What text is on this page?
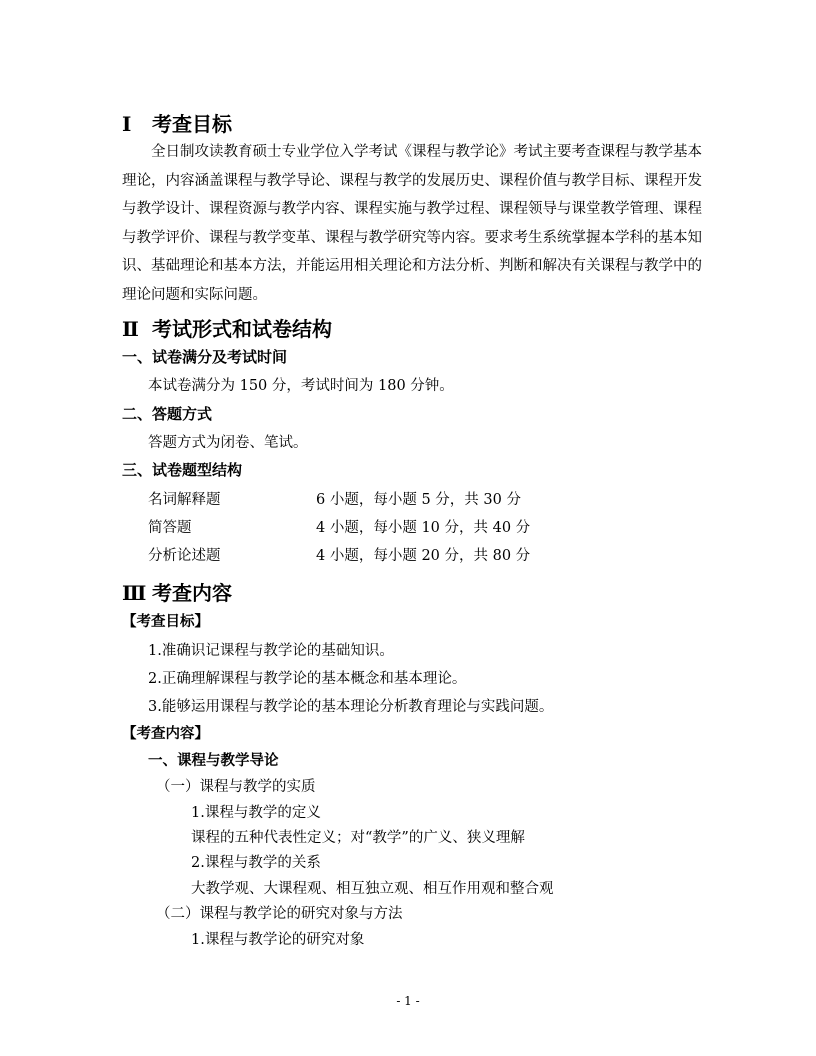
Ⅰ 考查目标
全日制攻读教育硕士专业学位入学考试《课程与教学论》考试主要考查课程与教学基本理论，内容涵盖课程与教学导论、课程与教学的发展历史、课程价值与教学目标、课程开发与教学设计、课程资源与教学内容、课程实施与教学过程、课程领导与课堂教学管理、课程与教学评价、课程与教学变革、课程与教学研究等内容。要求考生系统掌握本学科的基本知识、基础理论和基本方法，并能运用相关理论和方法分析、判断和解决有关课程与教学中的理论问题和实际问题。
Ⅱ 考试形式和试卷结构
一、试卷满分及考试时间
本试卷满分为 150 分，考试时间为 180 分钟。
二、答题方式
答题方式为闭卷、笔试。
三、试卷题型结构
名词解释题	6 小题，每小题 5 分，共 30 分
简答题	4 小题，每小题 10 分，共 40 分
分析论述题	4 小题，每小题 20 分，共 80 分
Ⅲ 考查内容
【考查目标】
1.准确识记课程与教学论的基础知识。
2.正确理解课程与教学论的基本概念和基本理论。
3.能够运用课程与教学论的基本理论分析教育理论与实践问题。
【考查内容】
一、课程与教学导论
（一）课程与教学的实质
1.课程与教学的定义
课程的五种代表性定义；对“教学”的广义、狭义理解
2.课程与教学的关系
大教学观、大课程观、相互独立观、相互作用观和整合观
（二）课程与教学论的研究对象与方法
1.课程与教学论的研究对象
- 1 -
